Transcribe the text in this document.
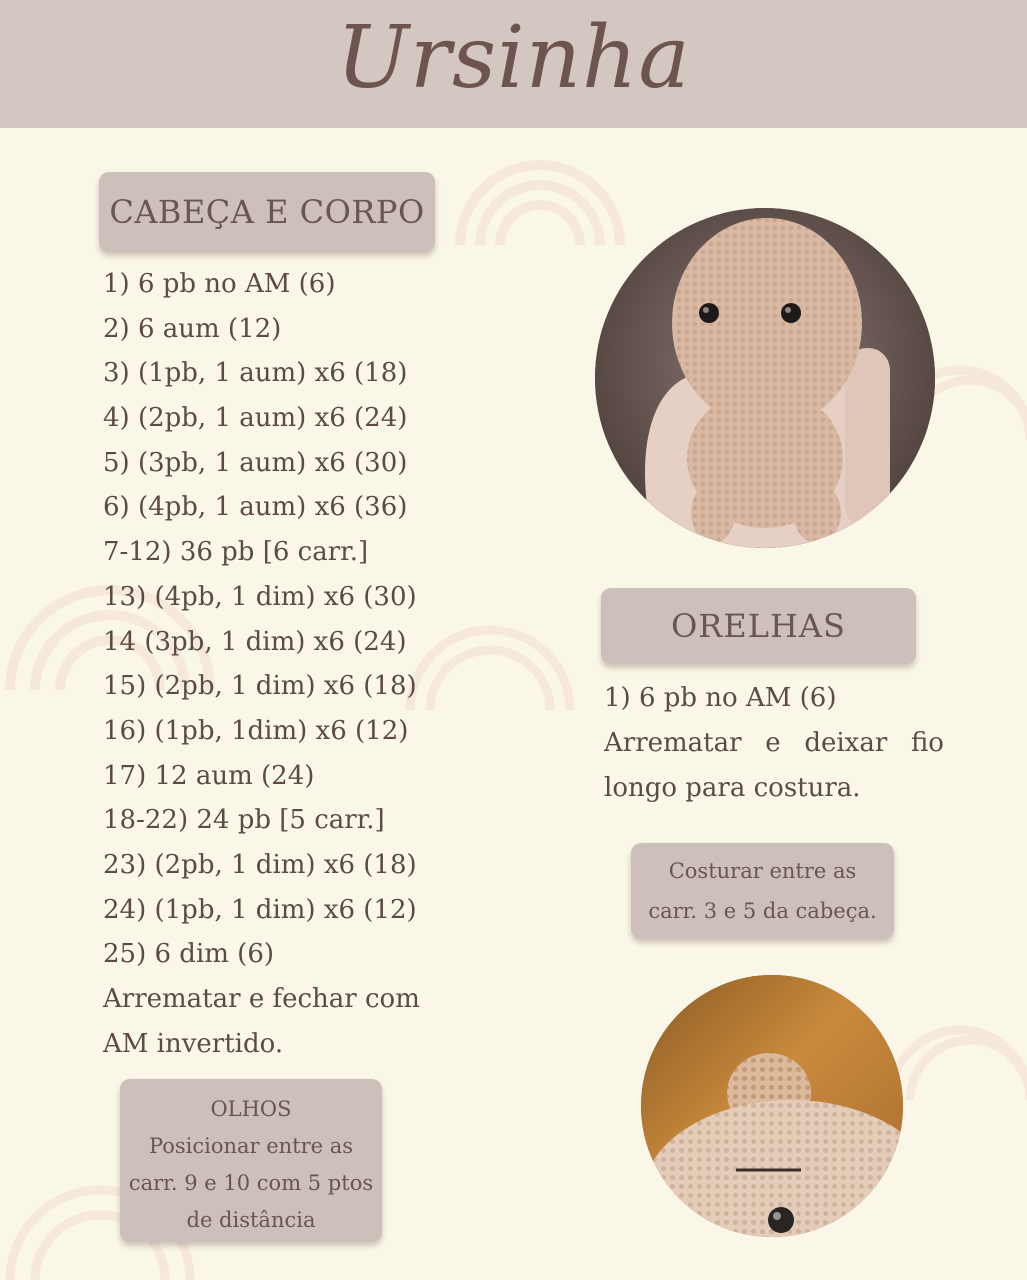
Ursinha
CABEÇA E CORPO
1) 6 pb no AM (6)
2) 6 aum (12)
3) (1pb, 1 aum) x6 (18)
4) (2pb, 1 aum) x6 (24)
5) (3pb, 1 aum) x6 (30)
6) (4pb, 1 aum) x6 (36)
7-12) 36 pb [6 carr.]
13) (4pb, 1 dim) x6 (30)
14 (3pb, 1 dim) x6 (24)
15) (2pb, 1 dim) x6 (18)
16) (1pb, 1dim) x6 (12)
17) 12 aum (24)
18-22) 24 pb [5 carr.]
23) (2pb, 1 dim) x6 (18)
24) (1pb, 1 dim) x6 (12)
25) 6 dim (6)
Arrematar e fechar com
AM invertido.
OLHOS
Posicionar entre as
carr. 9 e 10 com 5 ptos
de distância
ORELHAS
1) 6 pb no AM (6)
Arrematar e deixar fio
longo para costura.
Costurar entre as
carr. 3 e 5 da cabeça.
